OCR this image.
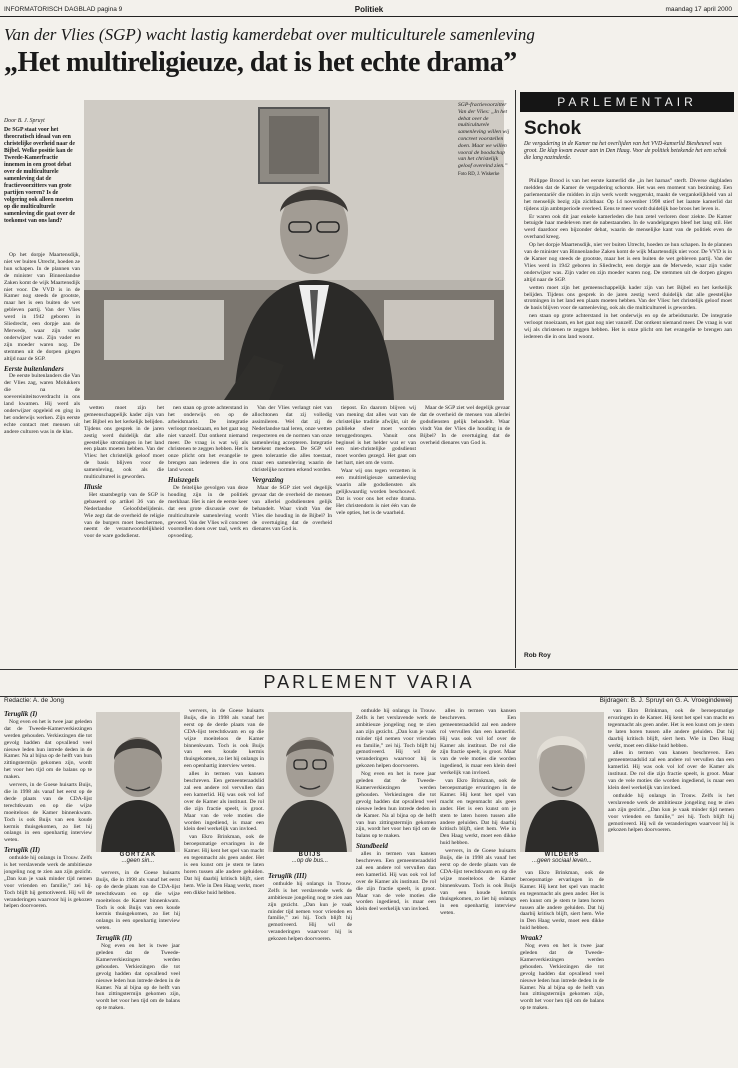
INFORMATORISCH DAGBLAD pagina 9	Politiek	maandag 17 april 2000
Van der Vlies (SGP) wacht lastig kamerdebat over multiculturele samenleving
„Het multireligieuze, dat is het echte drama”
Door B. J. Spruyt
De SGP staat voor het theocratisch ideaal van een christelijke overheid naar de Bijbel. Welke positie kan de Tweede-Kamerfractie innemen in een groot debat over de multiculturele samenleving dat de fractievoorzitters van grote partijen voeren? Is de volgering ook alleen moeten op die multiculturele samenleving die gaat over de toekomst van ons land?
SGP-fractievoorzitter Van der Vlies: „In het debat over de multiculturele samenleving willen wij concreet voorstellen doen. Maar we willen vooral de boodschap van het christelijk geloof overeind zien.”
Foto RD, J. Wiskerke

Op het dorpje Maartensdijk, niet ver buiten Utrecht, hoeden ze hun schapen. In de plannen van de minister van Binnenlandse Zaken komt de wijk Maartensdijk niet voor. De VVD is in de Kamer nog steeds de grootste, maar het is een buiten de wet gebleven partij. Van der Vlies werd in 1942 geboren in Sliedrecht, een dorpje aan de Merwede, waar zijn vader onderwijzer was. Zijn vader en zijn moeder waren nog. De stemmen uit de dorpen gingen altijd naar de SGP.

Eerste buitenlanders

De eerste buitenlanders die Van der Vlies zag, waren Molukkers die na de soevereiniteitsoverdracht in ons land kwamen. Hij werd als onderwijzer opgeleid en ging in het onderwijs werken. Zijn eerste echte contact met mensen uit andere culturen was in de klas.

wetten moet zijn het gemeenschappelijk kader zijn van het Bijbel en het kerkelijk belijden. Tijdens ons gesprek in de jaren zestig werd duidelijk dat alle geestelijke stromingen in het land een plaats moeten hebben. Van der Vlies: het christelijk geloof moet de basis blijven voor de samenleving, ook als die multicultureel is geworden.

Illusie

Het staatsbegrip van de SGP is gebaseerd op artikel 36 van de Nederlandse Geloofsbelijdenis. Wie zegt dat de overheid de religie van de burgers moet beschermen, neemt de verantwoordelijkheid voor de ware godsdienst.

nen staan op grote achterstand in het onderwijs en op de arbeidsmarkt. De integratie verloopt moeizaam, en het gaat nog niet vanzelf. Dat ontkent niemand meer. De vraag is wat wij als christenen te zeggen hebben. Het is onze plicht om het evangelie te brengen aan iedereen die in ons land woont.

Huiszegels

De feitelijke gevolgen van deze houding zijn in de politiek merkbaar. Het is niet de eerste keer dat een grote discussie over de multiculturele samenleving wordt gevoerd. Van der Vlies wil concreet voorstellen doen over taal, werk en opvoeding.

Van der Vlies verlangt niet van allochtonen dat zij volledig assimileren. Wel dat zij de Nederlandse taal leren, onze wetten respecteren en de normen van onze samenleving accepteren. Integratie betekent meedoen. De SGP wil geen tolerantie die alles toestaat, maar een samenleving waarin de christelijke normen erkend worden.

Vergrazing

Maar de SGP ziet wel degelijk gevaar dat de overheid de mensen van allerlei godsdiensten gelijk behandelt. Waar vindt Van der Vlies die houding in de Bijbel? In de overtuiging dat de overheid dienares van God is.

tiepost. En daarom blijven wij van mening dat alles wat van de christelijke traditie afwijkt, uit de publieke sfeer moet worden teruggedrongen. Vanuit ons beginsel is het helder wat er van een niet-christelijke godsdienst moet worden gezegd. Het gaat om het hart, niet om de vorm.

Waar wij ons tegen verzetten is een multireligieuze samenleving waarin alle godsdiensten als gelijkwaardig worden beschouwd. Dat is voor ons het echte drama. Het christendom is niet één van de vele opties, het is de waarheid.

Maar de SGP ziet wel degelijk gevaar dat de overheid de mensen van allerlei godsdiensten gelijk behandelt. Waar vindt Van der Vlies die houding in de Bijbel? In de overtuiging dat de overheid dienares van God is.

PARLEMENTAIR
Schok
De vergadering in de Kamer na het overlijden van het VVD-kamerlid Biesheuvel was groot. De klap kwam zwaar aan in Den Haag. Voor de politiek betekende het een schok die lang nazinderde.

Philippe Brood is van het eerste kamerlid die „in het harnas” sterft. Diverse dagbladen meldden dat de Kamer de vergadering schorste. Het was een moment van bezinning. Een parlementariër die midden in zijn werk wordt weggerukt, maakt de vergankelijkheid van al het menselijk bezig zijn zichtbaar. Op 14 november 1998 stierf het laatste kamerlid dat tijdens zijn ambtsperiode overleed. Eens te meer wordt duidelijk hoe broos het leven is.

Er waren ook dit jaar enkele kamerleden die hun zetel verloren door ziekte. De Kamer betuigde haar medeleven met de nabestaanden. In de wandelgangen bleef het lang stil. Het werd daardoor een bijzonder debat, waarin de menselijke kant van de politiek even de overhand kreeg.

Op het dorpje Maartensdijk, niet ver buiten Utrecht, hoeden ze hun schapen. In de plannen van de minister van Binnenlandse Zaken komt de wijk Maartensdijk niet voor. De VVD is in de Kamer nog steeds de grootste, maar het is een buiten de wet gebleven partij. Van der Vlies werd in 1942 geboren in Sliedrecht, een dorpje aan de Merwede, waar zijn vader onderwijzer was. Zijn vader en zijn moeder waren nog. De stemmen uit de dorpen gingen altijd naar de SGP.

wetten moet zijn het gemeenschappelijk kader zijn van het Bijbel en het kerkelijk belijden. Tijdens ons gesprek in de jaren zestig werd duidelijk dat alle geestelijke stromingen in het land een plaats moeten hebben. Van der Vlies: het christelijk geloof moet de basis blijven voor de samenleving, ook als die multicultureel is geworden.

nen staan op grote achterstand in het onderwijs en op de arbeidsmarkt. De integratie verloopt moeizaam, en het gaat nog niet vanzelf. Dat ontkent niemand meer. De vraag is wat wij als christenen te zeggen hebben. Het is onze plicht om het evangelie te brengen aan iedereen die in ons land woont.

Rob Roy
PARLEMENT VARIA
Redactie: A. de Jong	Bijdragen: B. J. Spruyt en G. A. Vroegindeweij
GORTZAK
...geen sin...
BUIJS
...op de bus...
WILDERS
...geen sociaal leven...
Teruglik (I)

Nog even en het is twee jaar geleden dat de Tweede-Kamerverkiezingen werden gehouden. Verkiezingen die tot gevolg hadden dat opvallend veel nieuwe leden hun intrede deden in de Kamer. Na al bijna op de helft van hun zittingstermijn gekomen zijn, wordt het voor hen tijd om de balans op te maken.

wervers, in de Goese huisarts Buijs, die in 1998 als vanaf het eerst op de derde plaats van de CDA-lijst terechtkwam en op die wijze moeiteloos de Kamer binnenkwam. Toch is ook Buijs van een koude kermis thuisgekomen, zo liet hij onlangs in een openhartig interview weten.

Teruglik (II)

onthulde hij onlangs in Trouw. Zelfs is het verslavende werk de ambitieuze jongeling nog te zien aan zijn gezicht. „Dan kun je vaak minder tijd nemen voor vrienden en familie,” zei hij. Toch blijft hij gemotiveerd. Hij wil de veranderingen waarvoor hij is gekozen helpen doorvoeren.

wervers, in de Goese huisarts Buijs, die in 1998 als vanaf het eerst op de derde plaats van de CDA-lijst terechtkwam en op die wijze moeiteloos de Kamer binnenkwam. Toch is ook Buijs van een koude kermis thuisgekomen, zo liet hij onlangs in een openhartig interview weten.

Teruglik (II)

Nog even en het is twee jaar geleden dat de Tweede-Kamerverkiezingen werden gehouden. Verkiezingen die tot gevolg hadden dat opvallend veel nieuwe leden hun intrede deden in de Kamer. Na al bijna op de helft van hun zittingstermijn gekomen zijn, wordt het voor hen tijd om de balans op te maken.

wervers, in de Goese huisarts Buijs, die in 1998 als vanaf het eerst op de derde plaats van de CDA-lijst terechtkwam en op die wijze moeiteloos de Kamer binnenkwam. Toch is ook Buijs van een koude kermis thuisgekomen, zo liet hij onlangs in een openhartig interview weten.

alles in termen van kansen beschreven. Een gemeenteraadslid zal een andere rol vervullen dan een kamerlid. Hij was ook vol lof over de Kamer als instituut. De rol die zijn fractie speelt, is groot. Maar van de vele moties die worden ingediend, is maar een klein deel werkelijk van invloed.

van Ekro Brinkman, ook de beroepsmatige ervaringen in de Kamer. Hij kent het spel van macht en tegenmacht als geen ander. Het is een kunst om je stem te laten horen tussen alle andere geluiden. Dat hij daarbij kritisch blijft, siert hem. Wie in Den Haag werkt, moet een dikke huid hebben.

Teruglik (III)

onthulde hij onlangs in Trouw. Zelfs is het verslavende werk de ambitieuze jongeling nog te zien aan zijn gezicht. „Dan kun je vaak minder tijd nemen voor vrienden en familie,” zei hij. Toch blijft hij gemotiveerd. Hij wil de veranderingen waarvoor hij is gekozen helpen doorvoeren.

onthulde hij onlangs in Trouw. Zelfs is het verslavende werk de ambitieuze jongeling nog te zien aan zijn gezicht. „Dan kun je vaak minder tijd nemen voor vrienden en familie,” zei hij. Toch blijft hij gemotiveerd. Hij wil de veranderingen waarvoor hij is gekozen helpen doorvoeren.

Nog even en het is twee jaar geleden dat de Tweede-Kamerverkiezingen werden gehouden. Verkiezingen die tot gevolg hadden dat opvallend veel nieuwe leden hun intrede deden in de Kamer. Na al bijna op de helft van hun zittingstermijn gekomen zijn, wordt het voor hen tijd om de balans op te maken.

Standbeeld

alles in termen van kansen beschreven. Een gemeenteraadslid zal een andere rol vervullen dan een kamerlid. Hij was ook vol lof over de Kamer als instituut. De rol die zijn fractie speelt, is groot. Maar van de vele moties die worden ingediend, is maar een klein deel werkelijk van invloed.

alles in termen van kansen beschreven. Een gemeenteraadslid zal een andere rol vervullen dan een kamerlid. Hij was ook vol lof over de Kamer als instituut. De rol die zijn fractie speelt, is groot. Maar van de vele moties die worden ingediend, is maar een klein deel werkelijk van invloed.

van Ekro Brinkman, ook de beroepsmatige ervaringen in de Kamer. Hij kent het spel van macht en tegenmacht als geen ander. Het is een kunst om je stem te laten horen tussen alle andere geluiden. Dat hij daarbij kritisch blijft, siert hem. Wie in Den Haag werkt, moet een dikke huid hebben.

wervers, in de Goese huisarts Buijs, die in 1998 als vanaf het eerst op de derde plaats van de CDA-lijst terechtkwam en op die wijze moeiteloos de Kamer binnenkwam. Toch is ook Buijs van een koude kermis thuisgekomen, zo liet hij onlangs in een openhartig interview weten.

van Ekro Brinkman, ook de beroepsmatige ervaringen in de Kamer. Hij kent het spel van macht en tegenmacht als geen ander. Het is een kunst om je stem te laten horen tussen alle andere geluiden. Dat hij daarbij kritisch blijft, siert hem. Wie in Den Haag werkt, moet een dikke huid hebben.

Wraak?

Nog even en het is twee jaar geleden dat de Tweede-Kamerverkiezingen werden gehouden. Verkiezingen die tot gevolg hadden dat opvallend veel nieuwe leden hun intrede deden in de Kamer. Na al bijna op de helft van hun zittingstermijn gekomen zijn, wordt het voor hen tijd om de balans op te maken.

van Ekro Brinkman, ook de beroepsmatige ervaringen in de Kamer. Hij kent het spel van macht en tegenmacht als geen ander. Het is een kunst om je stem te laten horen tussen alle andere geluiden. Dat hij daarbij kritisch blijft, siert hem. Wie in Den Haag werkt, moet een dikke huid hebben.

alles in termen van kansen beschreven. Een gemeenteraadslid zal een andere rol vervullen dan een kamerlid. Hij was ook vol lof over de Kamer als instituut. De rol die zijn fractie speelt, is groot. Maar van de vele moties die worden ingediend, is maar een klein deel werkelijk van invloed.

onthulde hij onlangs in Trouw. Zelfs is het verslavende werk de ambitieuze jongeling nog te zien aan zijn gezicht. „Dan kun je vaak minder tijd nemen voor vrienden en familie,” zei hij. Toch blijft hij gemotiveerd. Hij wil de veranderingen waarvoor hij is gekozen helpen doorvoeren.
